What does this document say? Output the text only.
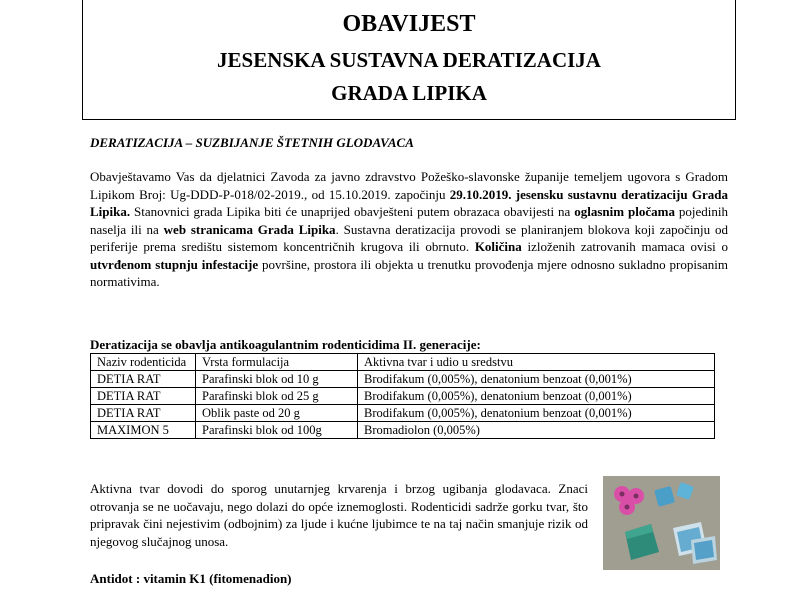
OBAVIJEST
JESENSKA SUSTAVNA DERATIZACIJA
GRADA LIPIKA
DERATIZACIJA – SUZBIJANJE ŠTETNIH GLODAVACA
Obavještavamo Vas da djelatnici Zavoda za javno zdravstvo Požeško-slavonske županije temeljem ugovora s Gradom Lipikom Broj: Ug-DDD-P-018/02-2019., od 15.10.2019. započinju 29.10.2019. jesensku sustavnu deratizaciju Grada Lipika. Stanovnici grada Lipika biti će unaprijed obavješteni putem obrazaca obavijesti na oglasnim pločama pojedinih naselja ili na web stranicama Grada Lipika. Sustavna deratizacija provodi se planiranjem blokova koji započinju od periferije prema središtu sistemom koncentričnih krugova ili obrnuto. Količina izloženih zatrovanih mamaca ovisi o utvrđenom stupnju infestacije površine, prostora ili objekta u trenutku provođenja mjere odnosno sukladno propisanim normativima.
Deratizacija se obavlja antikoagulantnim rodenticidima II. generacije:
Naziv rodenticida	Vrsta formulacija	Aktivna tvar i udio u sredstvu
DETIA RAT	Parafinski blok od 10 g	Brodifakum (0,005%), denatonium benzoat (0,001%)
DETIA RAT	Parafinski blok od 25 g	Brodifakum (0,005%), denatonium benzoat (0,001%)
DETIA RAT	Oblik paste od 20 g	Brodifakum (0,005%), denatonium benzoat (0,001%)
MAXIMON 5	Parafinski blok od 100g	Bromadiolon (0,005%)
Aktivna tvar dovodi do sporog unutarnjeg krvarenja i brzog ugibanja glodavaca. Znaci otrovanja se ne uočavaju, nego dolazi do opće iznemoglosti. Rodenticidi sadrže gorku tvar, što pripravak čini nejestivim (odbojnim) za ljude i kućne ljubimce te na taj način smanjuje rizik od njegovog slučajnog unosa.
Antidot : vitamin K1 (fitomenadion)
